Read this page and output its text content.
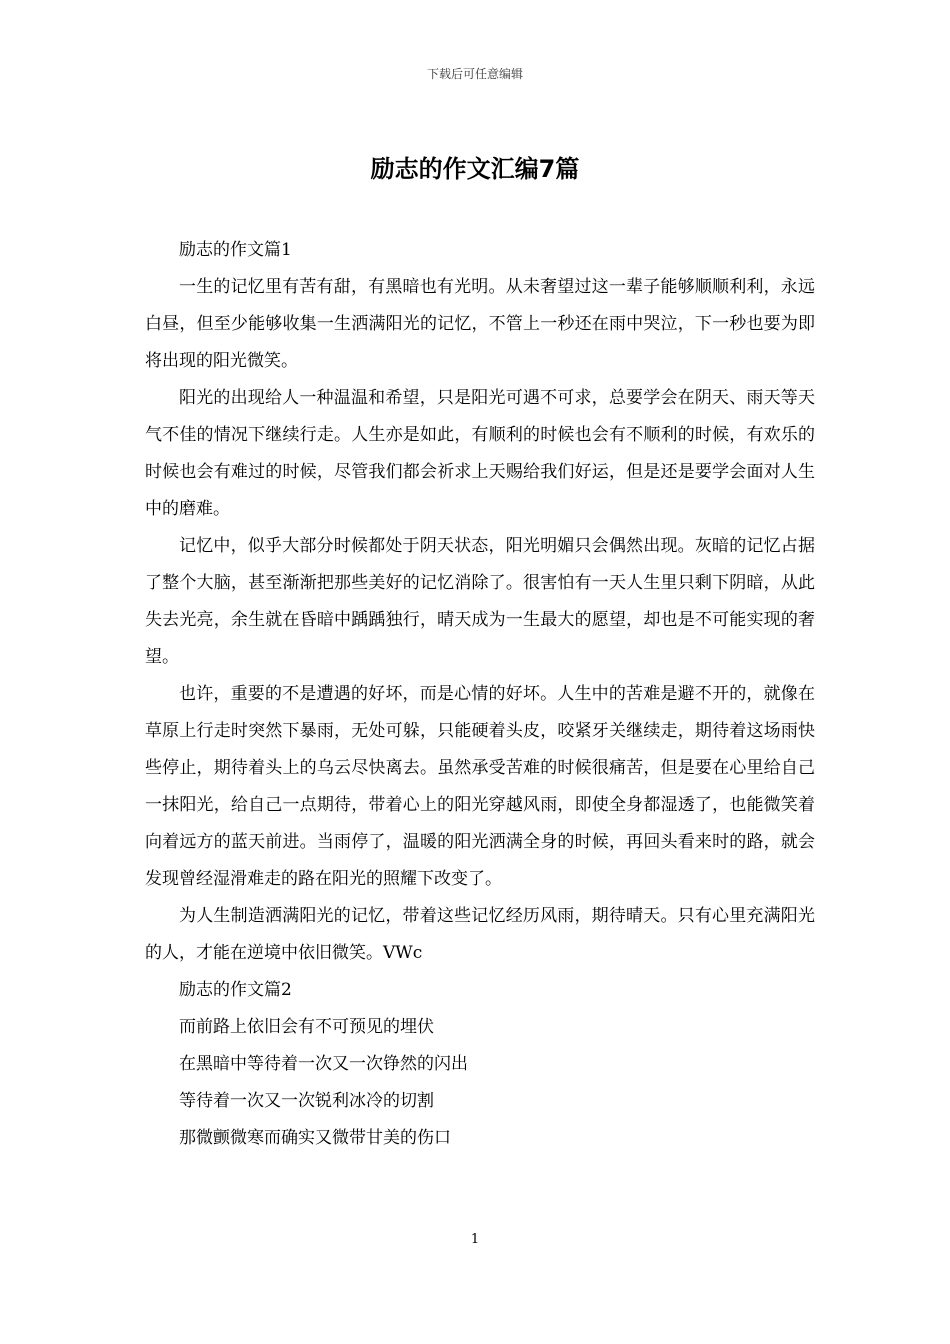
下载后可任意编辑
励志的作文汇编7篇

励志的作文篇1

一生的记忆里有苦有甜，有黑暗也有光明。从未奢望过这一辈子能够顺顺利利，永远白昼，但至少能够收集一生洒满阳光的记忆，不管上一秒还在雨中哭泣，下一秒也要为即将出现的阳光微笑。

阳光的出现给人一种温温和希望，只是阳光可遇不可求，总要学会在阴天、雨天等天气不佳的情况下继续行走。人生亦是如此，有顺利的时候也会有不顺利的时候，有欢乐的时候也会有难过的时候，尽管我们都会祈求上天赐给我们好运，但是还是要学会面对人生中的磨难。

记忆中，似乎大部分时候都处于阴天状态，阳光明媚只会偶然出现。灰暗的记忆占据了整个大脑，甚至渐渐把那些美好的记忆消除了。很害怕有一天人生里只剩下阴暗，从此失去光亮，余生就在昏暗中踽踽独行，晴天成为一生最大的愿望，却也是不可能实现的奢望。

也许，重要的不是遭遇的好坏，而是心情的好坏。人生中的苦难是避不开的，就像在草原上行走时突然下暴雨，无处可躲，只能硬着头皮，咬紧牙关继续走，期待着这场雨快些停止，期待着头上的乌云尽快离去。虽然承受苦难的时候很痛苦，但是要在心里给自己一抹阳光，给自己一点期待，带着心上的阳光穿越风雨，即使全身都湿透了，也能微笑着向着远方的蓝天前进。当雨停了，温暖的阳光洒满全身的时候，再回头看来时的路，就会发现曾经湿滑难走的路在阳光的照耀下改变了。

为人生制造洒满阳光的记忆，带着这些记忆经历风雨，期待晴天。只有心里充满阳光的人，才能在逆境中依旧微笑。VWc

励志的作文篇2

而前路上依旧会有不可预见的埋伏

在黑暗中等待着一次又一次铮然的闪出

等待着一次又一次锐利冰冷的切割

那微颤微寒而确实又微带甘美的伤口

1
